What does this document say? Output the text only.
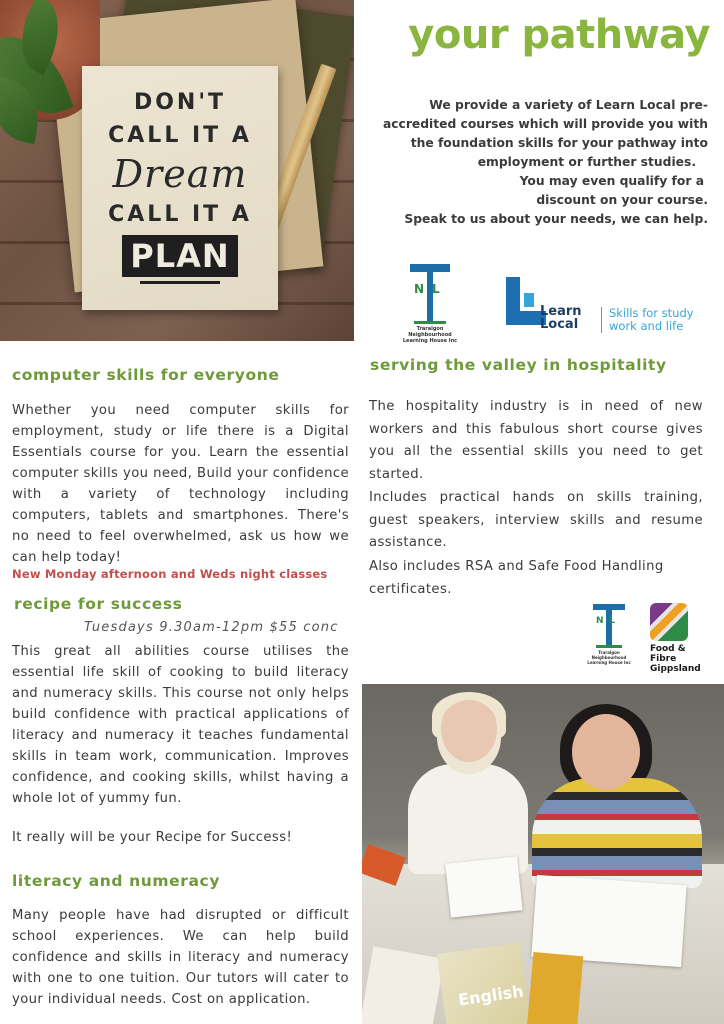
DON'T
CALL IT A
Dream
CALL IT A
PLAN
your pathway
We provide a variety of Learn Local pre-
accredited courses which will provide you with
the foundation skills for your pathway into
employment or further studies.
You may even qualify for a
discount on your course.
Speak to us about your needs, we can help.
NL
Traralgon Neighbourhood Learning House Inc
Learn
Local
Skills for study
work and life
computer skills for everyone
Whether you need computer skills for employment, study or life there is a Digital Essentials course for you. Learn the essential computer skills you need, Build your confidence with a variety of technology including computers, tablets and smartphones. There's no need to feel overwhelmed, ask us how we can help today!
New Monday afternoon and Weds night classes
recipe for success
Tuesdays 9.30am-12pm $55 conc
This great all abilities course utilises the essential life skill of cooking to build literacy and numeracy skills. This course not only helps build confidence with practical applications of literacy and numeracy it teaches fundamental skills in team work, communication. Improves confidence, and cooking skills, whilst having a whole lot of yummy fun.
It really will be your Recipe for Success!
literacy and numeracy
Many people have had disrupted or difficult school experiences. We can help build confidence and skills in literacy and numeracy with one to one tuition. Our tutors will cater to your individual needs. Cost on application.
serving the valley in hospitality
The hospitality industry is in need of new workers and this fabulous short course gives you all the essential skills you need to get started.
Includes practical hands on skills training, guest speakers, interview skills and resume assistance.
Also includes RSA and Safe Food Handling certificates.
NL
Traralgon Neighbourhood Learning House Inc
Food & Fibre
Gippsland
English
